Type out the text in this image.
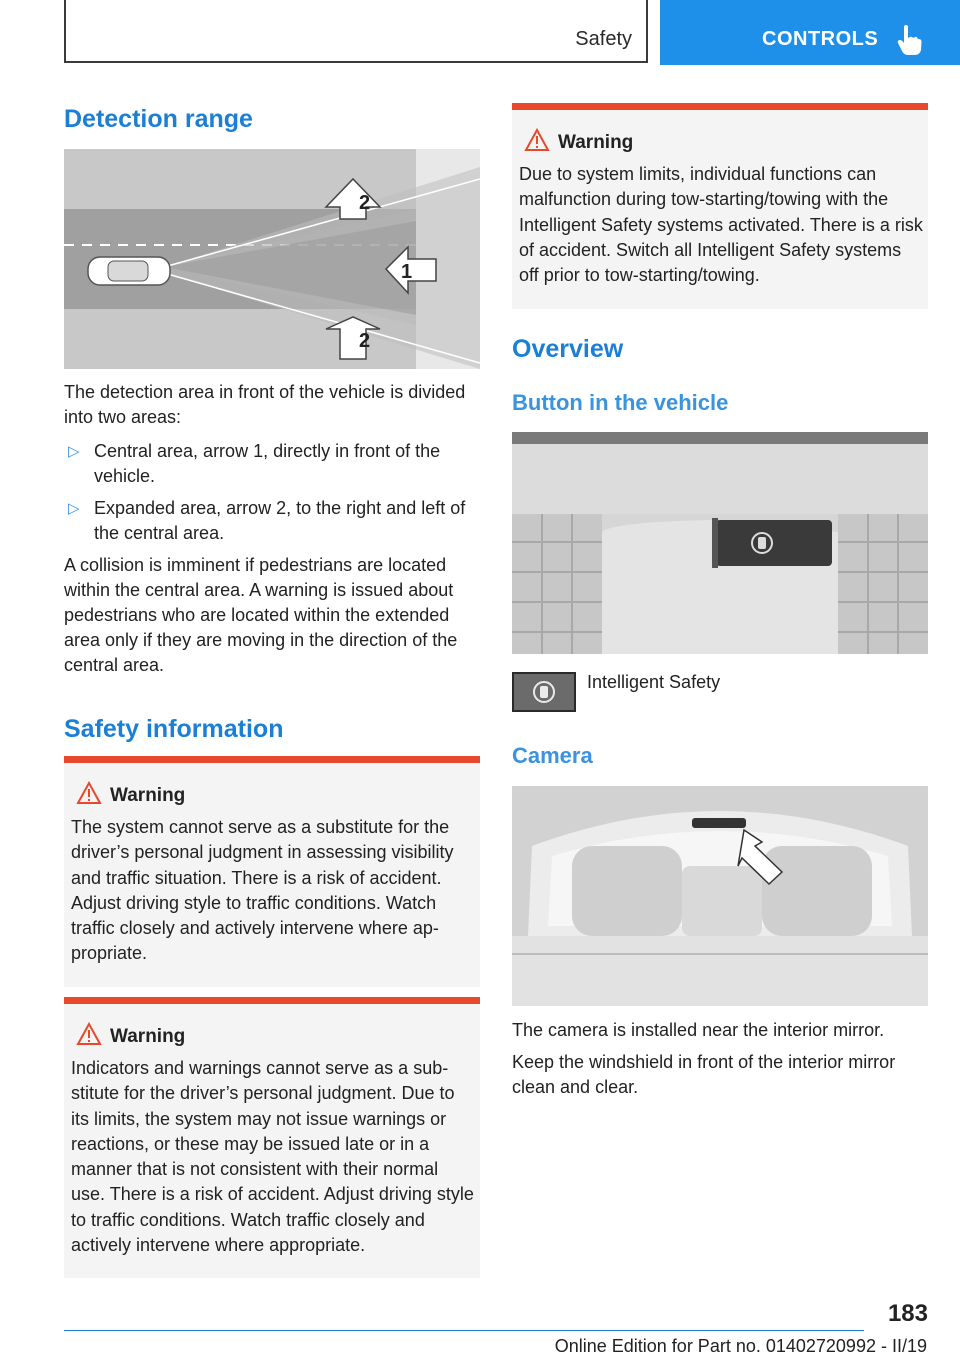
Safety	CONTROLS
Detection range
2
1
2

The detection area in front of the vehicle is divided into two areas:

▷ Central area, arrow 1, directly in front of the vehicle.
▷ Expanded area, arrow 2, to the right and left of the central area.

A collision is imminent if pedestrians are located within the central area. A warning is issued about pedestrians who are located within the extended area only if they are moving in the direction of the central area.

Safety information
Warning
The system cannot serve as a substitute for the driver’s personal judgment in assessing visibility and traffic situation. There is a risk of accident. Adjust driving style to traffic conditions. Watch traffic closely and actively intervene where appropriate.
Warning
Indicators and warnings cannot serve as a substitute for the driver’s personal judgment. Due to its limits, the system may not issue warnings or reactions, or these may be issued late or in a manner that is not consistent with their normal use. There is a risk of accident. Adjust driving style to traffic conditions. Watch traffic closely and actively intervene where appropriate.
Warning
Due to system limits, individual functions can malfunction during tow-starting/towing with the Intelligent Safety systems activated. There is a risk of accident. Switch all Intelligent Safety systems off prior to tow-starting/towing.
Overview
Button in the vehicle
Intelligent Safety
Camera

The camera is installed near the interior mirror.

Keep the windshield in front of the interior mirror clean and clear.

183
Online Edition for Part no. 01402720992 - II/19
